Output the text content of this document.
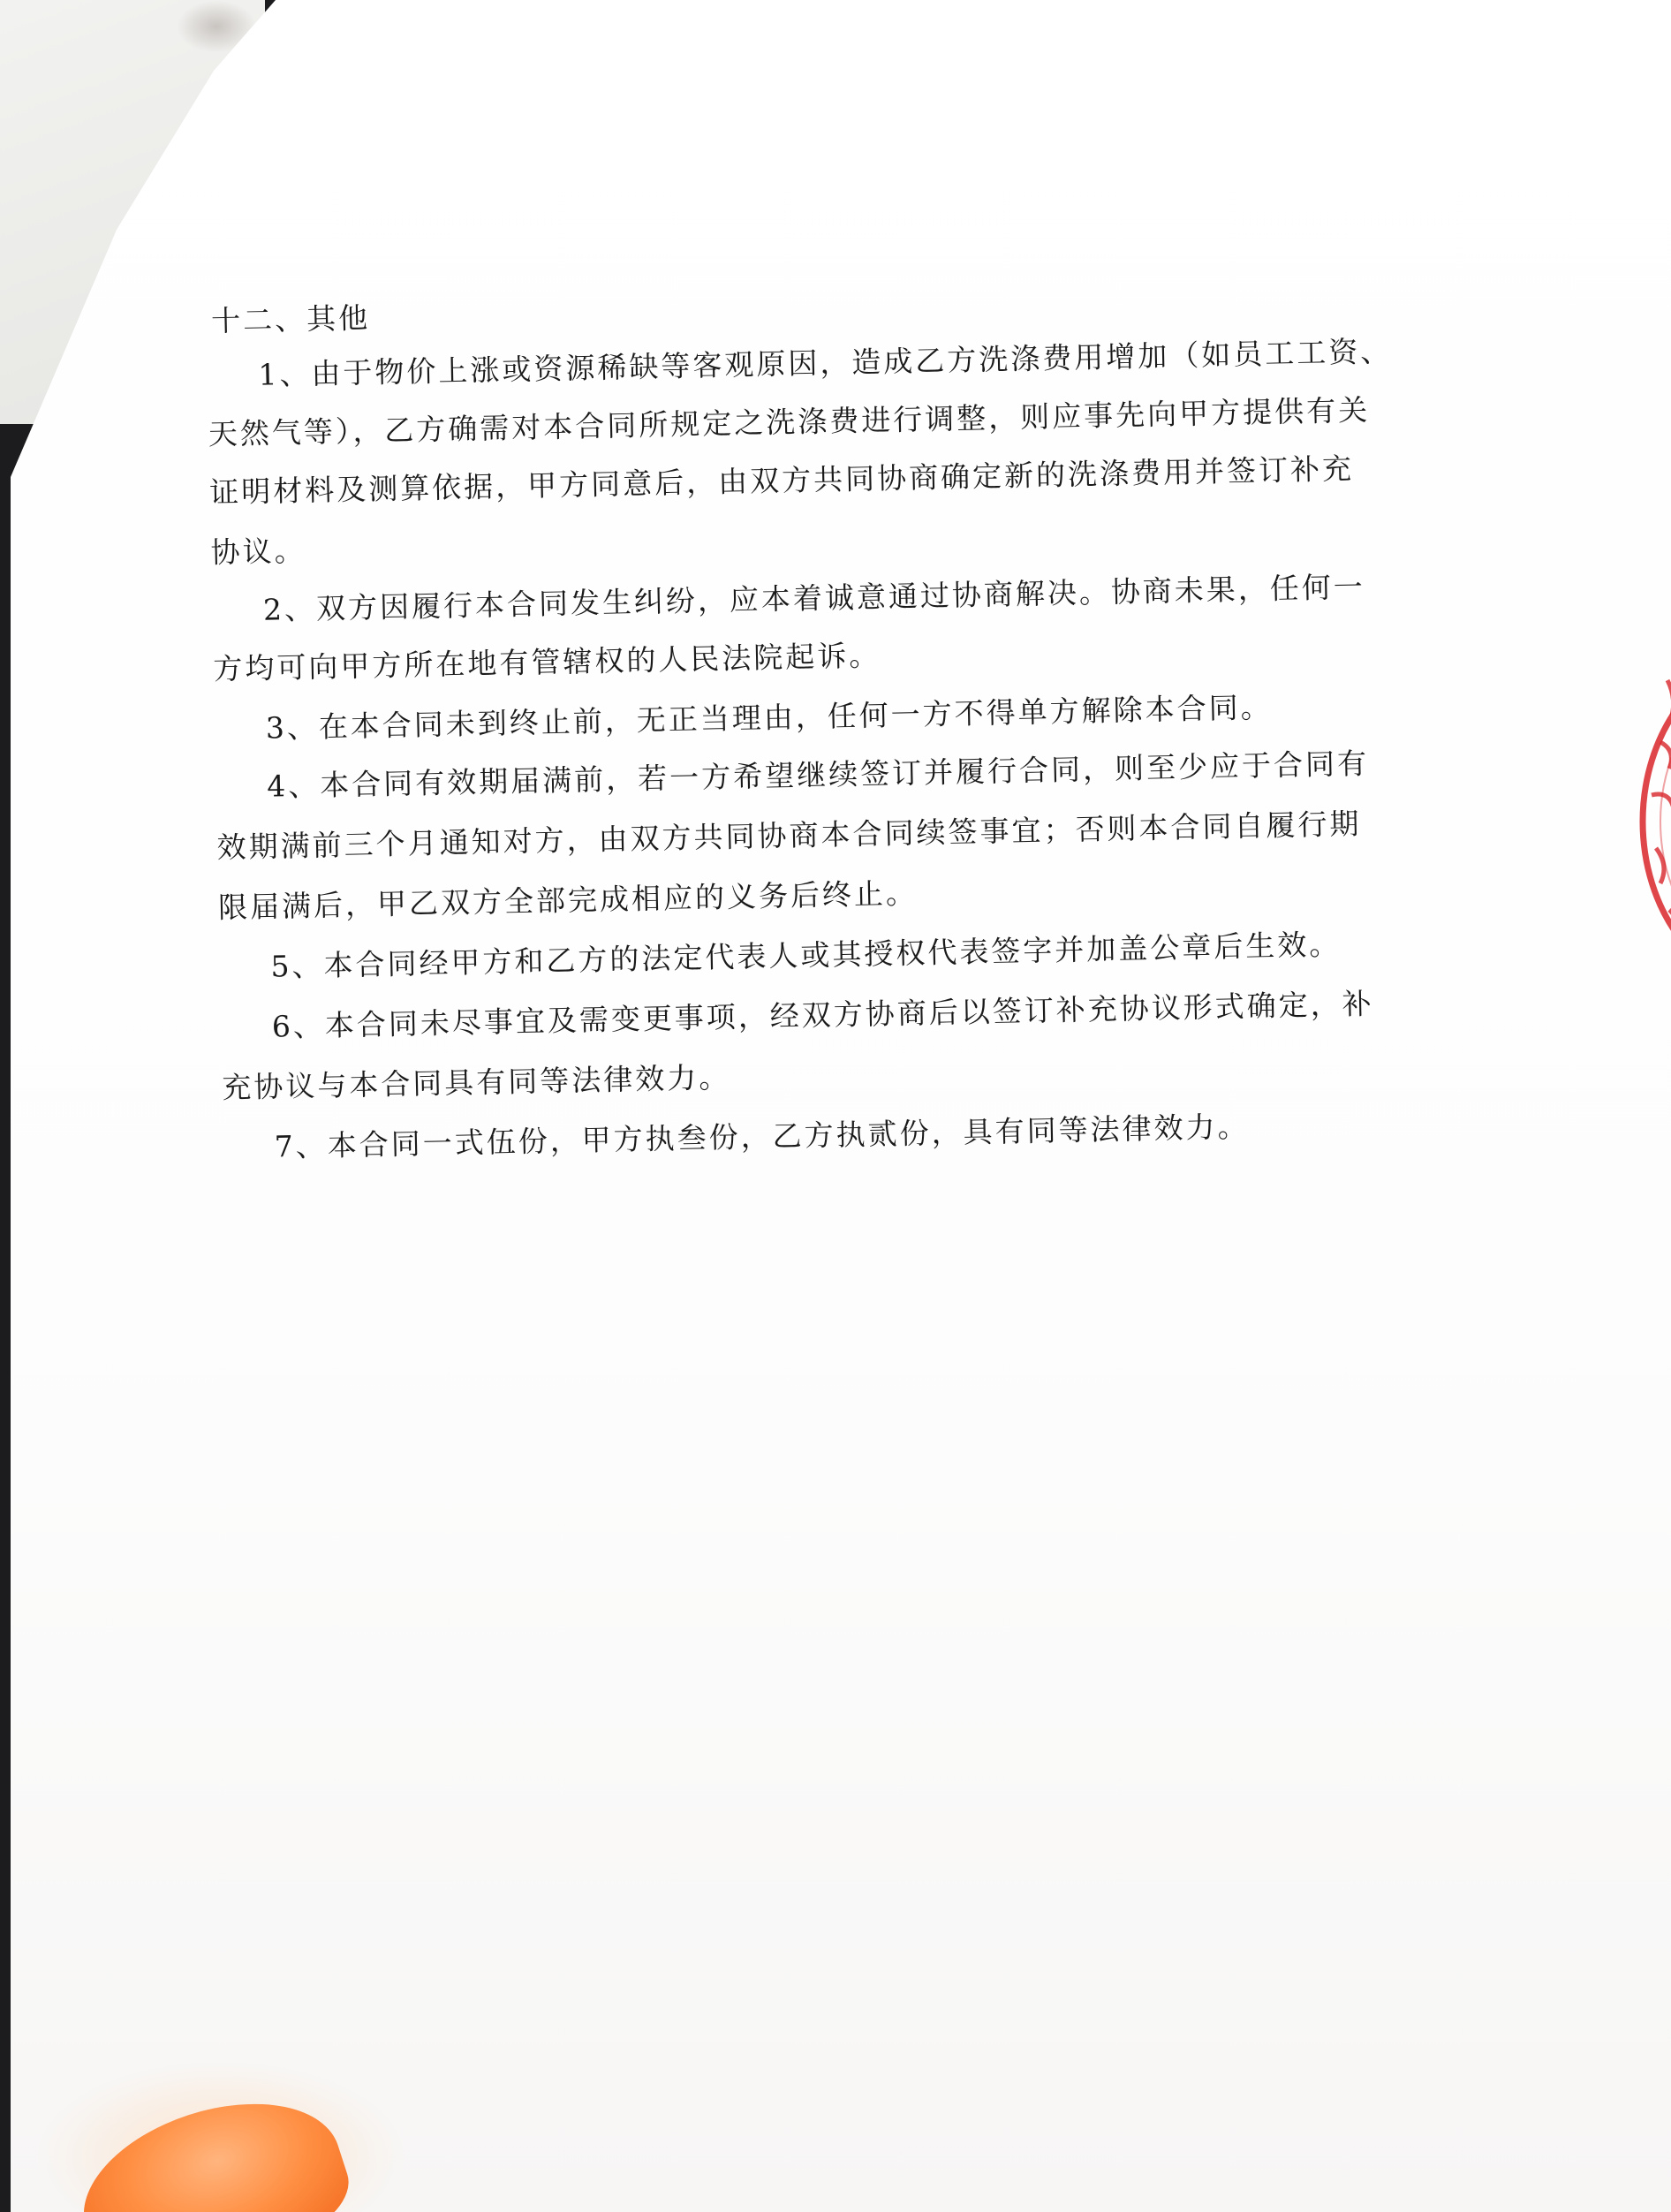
十二、其他
1、由于物价上涨或资源稀缺等客观原因，造成乙方洗涤费用增加（如员工工资、
天然气等），乙方确需对本合同所规定之洗涤费进行调整，则应事先向甲方提供有关
证明材料及测算依据，甲方同意后，由双方共同协商确定新的洗涤费用并签订补充
协议。
2、双方因履行本合同发生纠纷，应本着诚意通过协商解决。协商未果，任何一
方均可向甲方所在地有管辖权的人民法院起诉。
3、在本合同未到终止前，无正当理由，任何一方不得单方解除本合同。
4、本合同有效期届满前，若一方希望继续签订并履行合同，则至少应于合同有
效期满前三个月通知对方，由双方共同协商本合同续签事宜；否则本合同自履行期
限届满后，甲乙双方全部完成相应的义务后终止。
5、本合同经甲方和乙方的法定代表人或其授权代表签字并加盖公章后生效。
6、本合同未尽事宜及需变更事项，经双方协商后以签订补充协议形式确定，补
充协议与本合同具有同等法律效力。
7、本合同一式伍份，甲方执叁份，乙方执贰份，具有同等法律效力。
